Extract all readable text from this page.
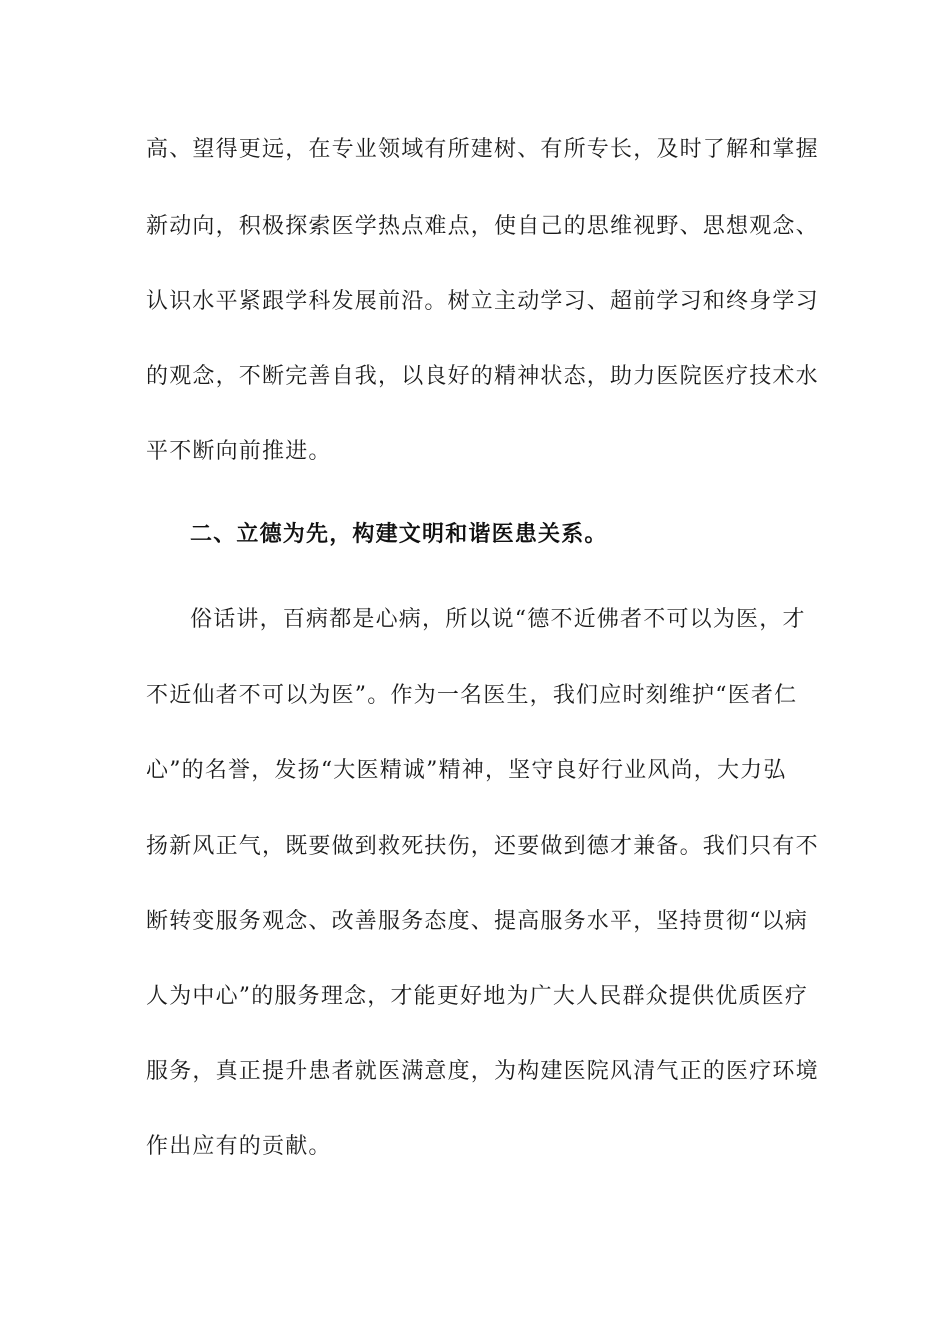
高、望得更远，在专业领域有所建树、有所专长，及时了解和掌握
新动向，积极探索医学热点难点，使自己的思维视野、思想观念、
认识水平紧跟学科发展前沿。树立主动学习、超前学习和终身学习
的观念，不断完善自我，以良好的精神状态，助力医院医疗技术水
平不断向前推进。
二、立德为先，构建文明和谐医患关系。
俗话讲，百病都是心病，所以说“德不近佛者不可以为医，才
不近仙者不可以为医”。作为一名医生，我们应时刻维护“医者仁
心”的名誉，发扬“大医精诚”精神，坚守良好行业风尚，大力弘
扬新风正气，既要做到救死扶伤，还要做到德才兼备。我们只有不
断转变服务观念、改善服务态度、提高服务水平，坚持贯彻“以病
人为中心”的服务理念，才能更好地为广大人民群众提供优质医疗
服务，真正提升患者就医满意度，为构建医院风清气正的医疗环境
作出应有的贡献。
